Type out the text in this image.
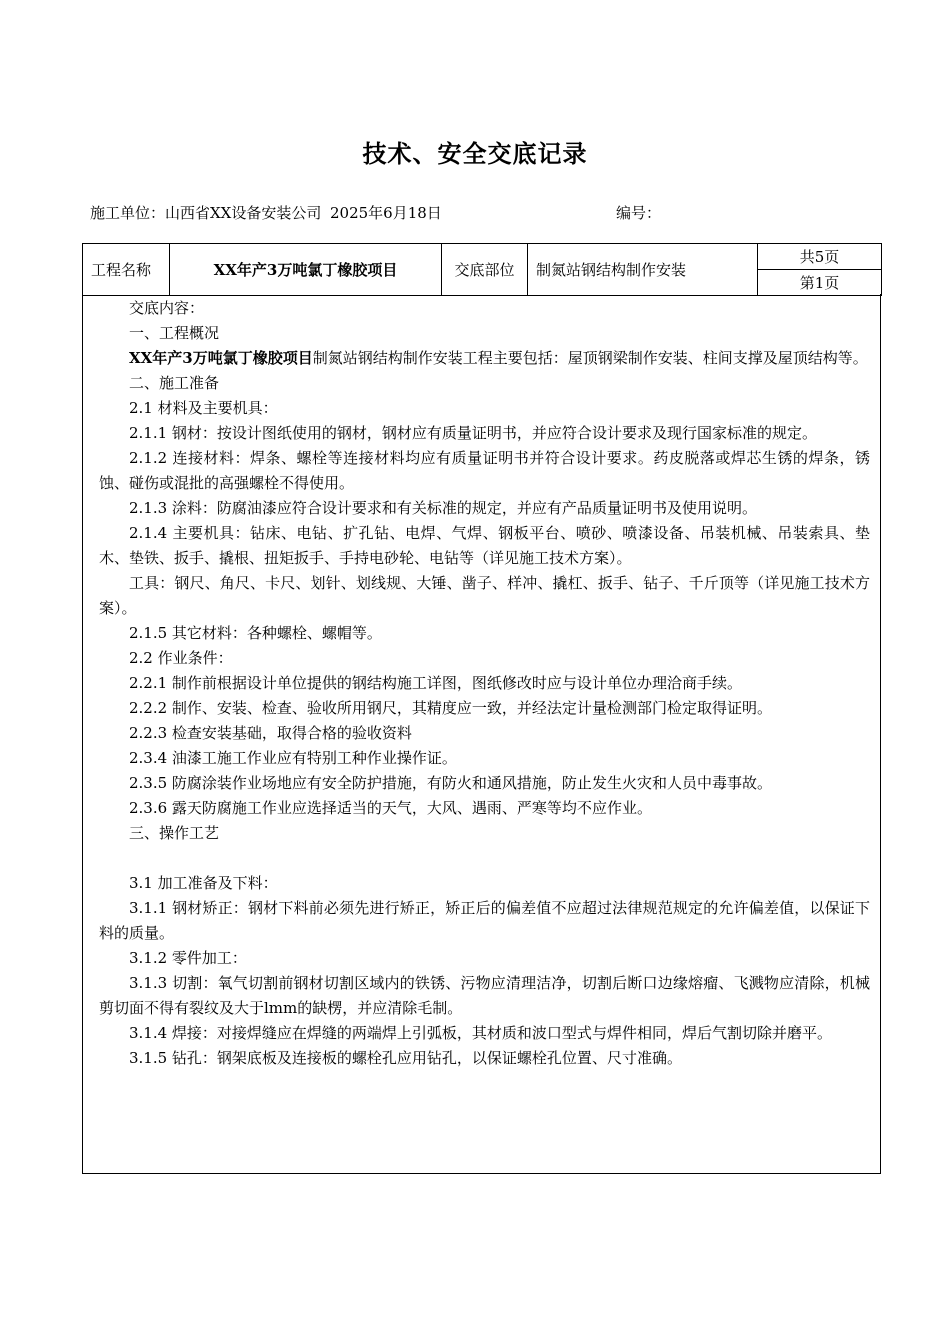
技术、安全交底记录
施工单位：山西省XX设备安装公司 2025年6月18日	编号：
工程名称	XX年产3万吨氯丁橡胶项目	交底部位	制氮站钢结构制作安装	共5页
第1页

交底内容：

一、工程概况

XX年产3万吨氯丁橡胶项目制氮站钢结构制作安装工程主要包括：屋顶钢梁制作安装、柱间支撑及屋顶结构等。

二、施工准备

2.1 材料及主要机具：

2.1.1 钢材：按设计图纸使用的钢材，钢材应有质量证明书，并应符合设计要求及现行国家标准的规定。

2.1.2 连接材料：焊条、螺栓等连接材料均应有质量证明书并符合设计要求。药皮脱落或焊芯生锈的焊条，锈蚀、碰伤或混批的高强螺栓不得使用。

2.1.3 涂料：防腐油漆应符合设计要求和有关标准的规定，并应有产品质量证明书及使用说明。

2.1.4 主要机具：钻床、电钻、扩孔钻、电焊、气焊、钢板平台、喷砂、喷漆设备、吊装机械、吊装索具、垫木、垫铁、扳手、撬根、扭矩扳手、手持电砂轮、电钻等（详见施工技术方案）。

工具：钢尺、角尺、卡尺、划针、划线规、大锤、凿子、样冲、撬杠、扳手、钻子、千斤顶等（详见施工技术方案）。

2.1.5 其它材料：各种螺栓、螺帽等。

2.2 作业条件：

2.2.1 制作前根据设计单位提供的钢结构施工详图，图纸修改时应与设计单位办理洽商手续。

2.2.2 制作、安装、检查、验收所用钢尺，其精度应一致，并经法定计量检测部门检定取得证明。

2.2.3 检查安装基础，取得合格的验收资料

2.3.4 油漆工施工作业应有特别工种作业操作证。

2.3.5 防腐涂装作业场地应有安全防护措施，有防火和通风措施，防止发生火灾和人员中毒事故。

2.3.6 露天防腐施工作业应选择适当的天气，大风、遇雨、严寒等均不应作业。

三、操作工艺

3.1 加工准备及下料：

3.1.1 钢材矫正：钢材下料前必须先进行矫正，矫正后的偏差值不应超过法律规范规定的允许偏差值，以保证下料的质量。

3.1.2 零件加工：

3.1.3 切割：氧气切割前钢材切割区域内的铁锈、污物应清理洁净，切割后断口边缘熔瘤、飞溅物应清除，机械剪切面不得有裂纹及大于lmm的缺楞，并应清除毛制。

3.1.4 焊接：对接焊缝应在焊缝的两端焊上引弧板，其材质和波口型式与焊件相同，焊后气割切除并磨平。

3.1.5 钻孔：钢架底板及连接板的螺栓孔应用钻孔，以保证螺栓孔位置、尺寸准确。
